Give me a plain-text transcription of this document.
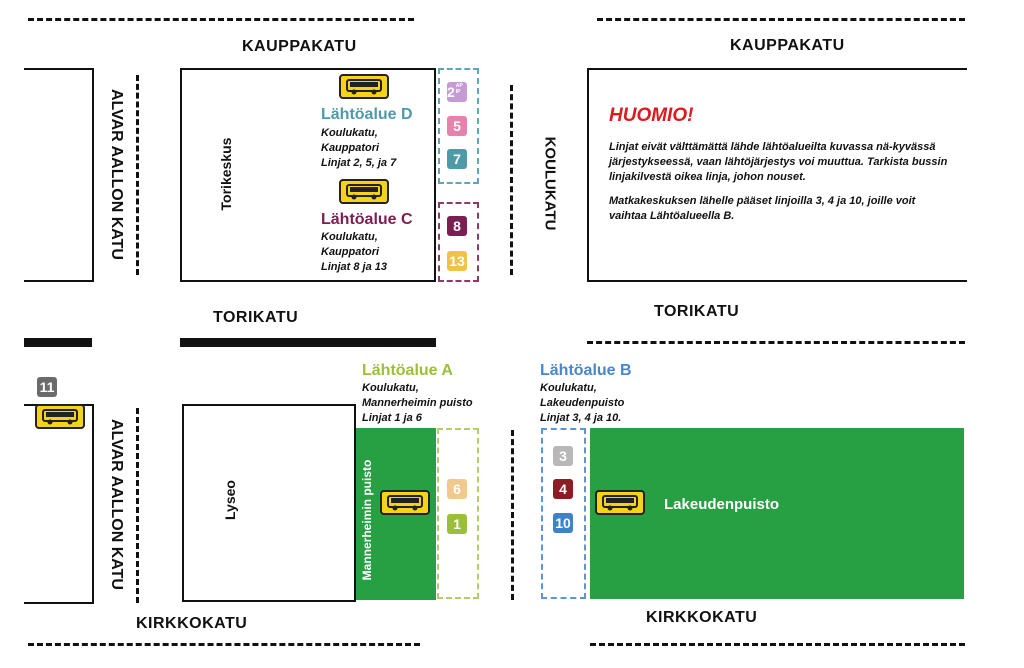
KAUPPAKATU	KAUPPAKATU
TORIKATU	TORIKATU
KIRKKOKATU	KIRKKOKATU
ALVAR AALLON KATU
ALVAR AALLON KATU
KOULUKATU
Torikeskus
Lyseo	Mannerheimin puisto	Lakeudenpuisto
Lähtöalue D
Koulukatu,
Kauppatori
Linjat 2, 5, ja 7
$2^{AP IP}$
5
7
Lähtöalue C
Koulukatu,
Kauppatori
Linjat 8 ja 13
8
13
11
Lähtöalue A
Koulukatu,
Mannerheimin puisto
Linjat 1 ja 6
6
1
Lähtöalue B
Koulukatu,
Lakeudenpuisto
Linjat 3, 4 ja 10.
3
4
10
HUOMIO!

Linjat eivät välttämättä lähde lähtöalueilta kuvassa nä-kyvässä järjestykseessä, vaan lähtöjärjestys voi muuttua. Tarkista bussin linjakilvestä oikea linja, johon nouset.

Matkakeskuksen lähelle pääset linjoilla 3, 4 ja 10, joille voit vaihtaa Lähtöalueella B.
